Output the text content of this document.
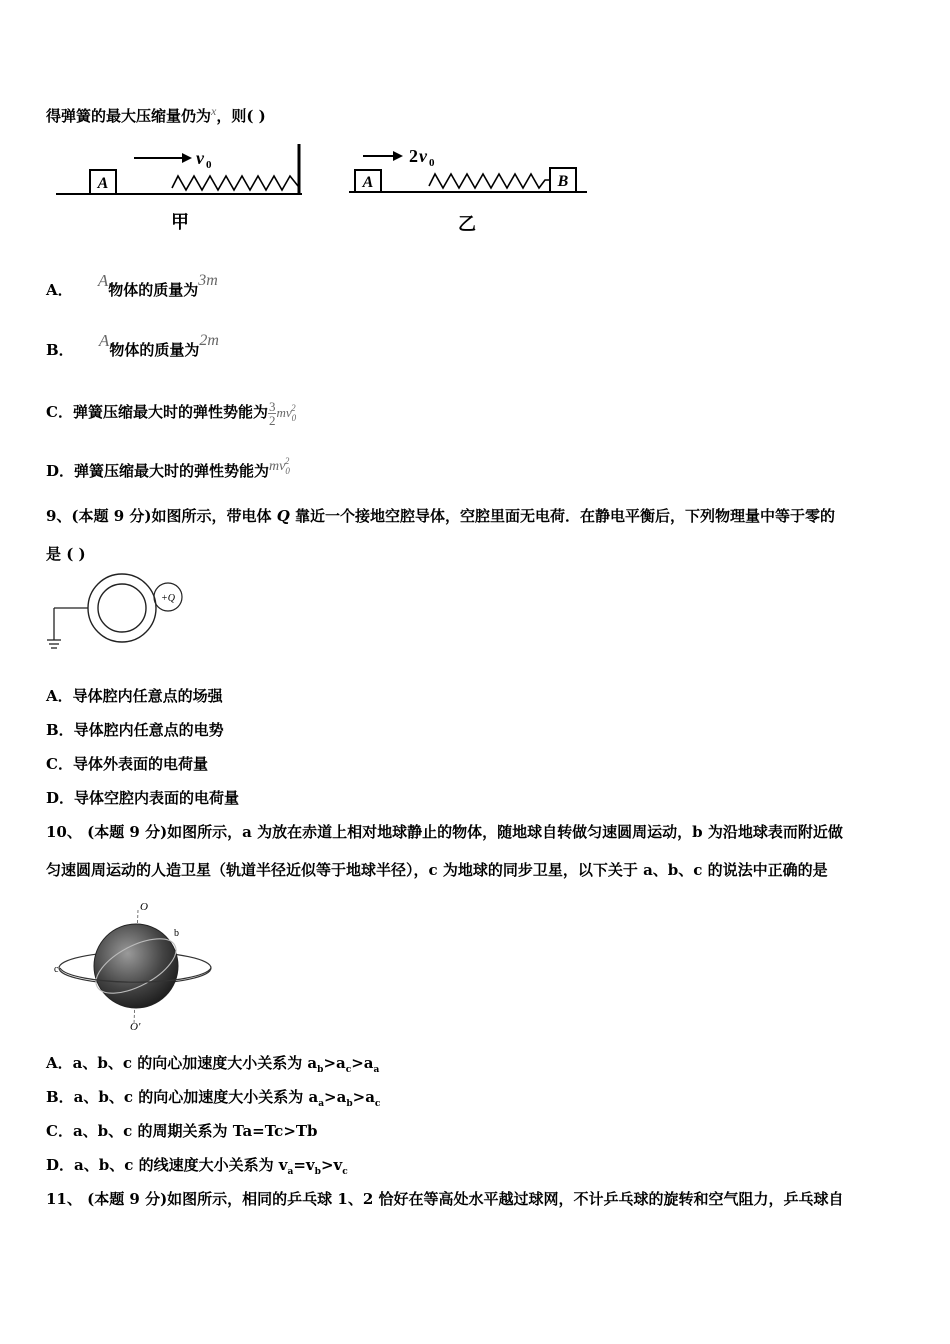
得弹簧的最大压缩量仍为$^x$，则( )
A
v 0
甲
A	B
2 v 0
乙
A． A物体的质量为3m
B． A物体的质量为2m
C．弹簧压缩最大时的弹性势能为 $\frac{3}{2} mv_0^2$
D．弹簧压缩最大时的弹性势能为$mv_0^2$
9、(本题 9 分)如图所示，带电体 Q 靠近一个接地空腔导体，空腔里面无电荷．在静电平衡后，下列物理量中等于零的
是 ( )
+Q
A．导体腔内任意点的场强
B．导体腔内任意点的电势
C．导体外表面的电荷量
D．导体空腔内表面的电荷量
10、 (本题 9 分)如图所示，a 为放在赤道上相对地球静止的物体，随地球自转做匀速圆周运动，b 为沿地球表而附近做
匀速圆周运动的人造卫星（轨道半径近似等于地球半径），c 为地球的同步卫星，以下关于 a、b、c 的说法中正确的是
O
O'
b
c
a
A．a、b、c 的向心加速度大小关系为 $a_b>a_c>a_a$
B．a、b、c 的向心加速度大小关系为 $a_a>a_b>a_c$
C．a、b、c 的周期关系为 Ta=Tc>Tb
D．a、b、c 的线速度大小关系为 $v_a=v_b>v_c$
11、 (本题 9 分)如图所示，相同的乒乓球 1、2 恰好在等高处水平越过球网，不计乒乓球的旋转和空气阻力，乒乓球自
